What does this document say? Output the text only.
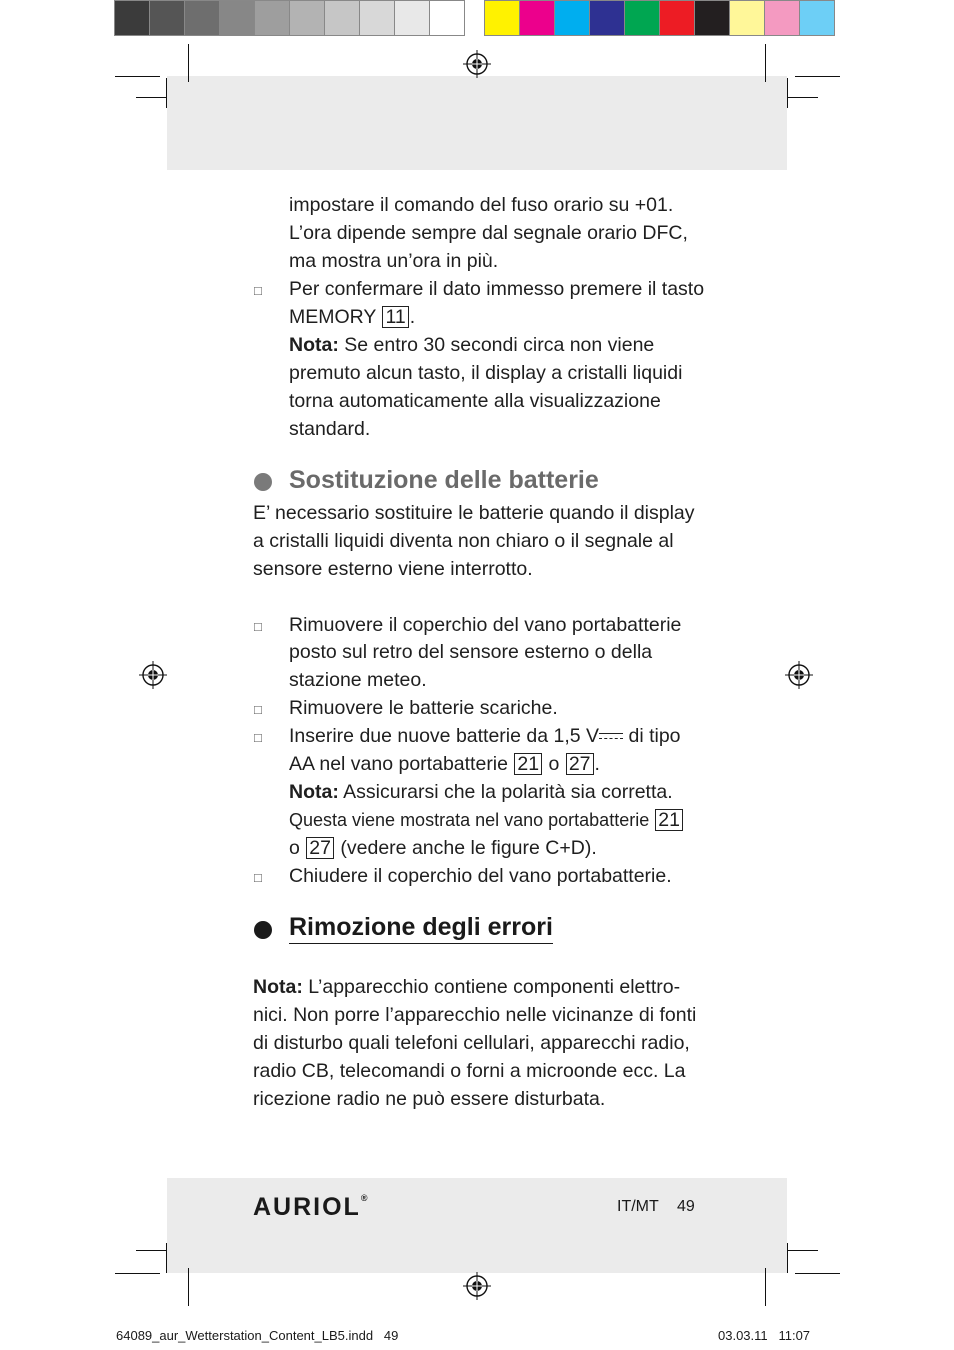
impostare il comando del fuso orario su +01.
L’ora dipende sempre dal segnale orario DFC,
ma mostra un’ora in più.
□ Per confermare il dato immesso premere il tasto
MEMORY 11 .
Nota: Se entro 30 secondi circa non viene
premuto alcun tasto, il display a cristalli liquidi
torna automaticamente alla visualizzazione
standard.
Sostituzione delle batterie
E’ necessario sostituire le batterie quando il display
a cristalli liquidi diventa non chiaro o il segnale al
sensore esterno viene interrotto.
□ Rimuovere il coperchio del vano portabatterie
posto sul retro del sensore esterno o della
stazione meteo.
□ Rimuovere le batterie scariche.
□ Inserire due nuove batterie da 1,5 V di tipo
AA nel vano portabatterie 21 o 27 .
Nota: Assicurarsi che la polarità sia corretta.
Questa viene mostrata nel vano portabatterie 21
o 27 (vedere anche le figure C+D).
□ Chiudere il coperchio del vano portabatterie.
Rimozione degli errori
Nota: L’apparecchio contiene componenti elettro-
nici. Non porre l’apparecchio nelle vicinanze di fonti
di disturbo quali telefoni cellulari, apparecchi radio,
radio CB, telecomandi o forni a microonde ecc. La
ricezione radio ne può essere disturbata.
AURIOL®	IT/MT 49
64089_aur_Wetterstation_Content_LB5.indd   49	03.03.11   11:07
